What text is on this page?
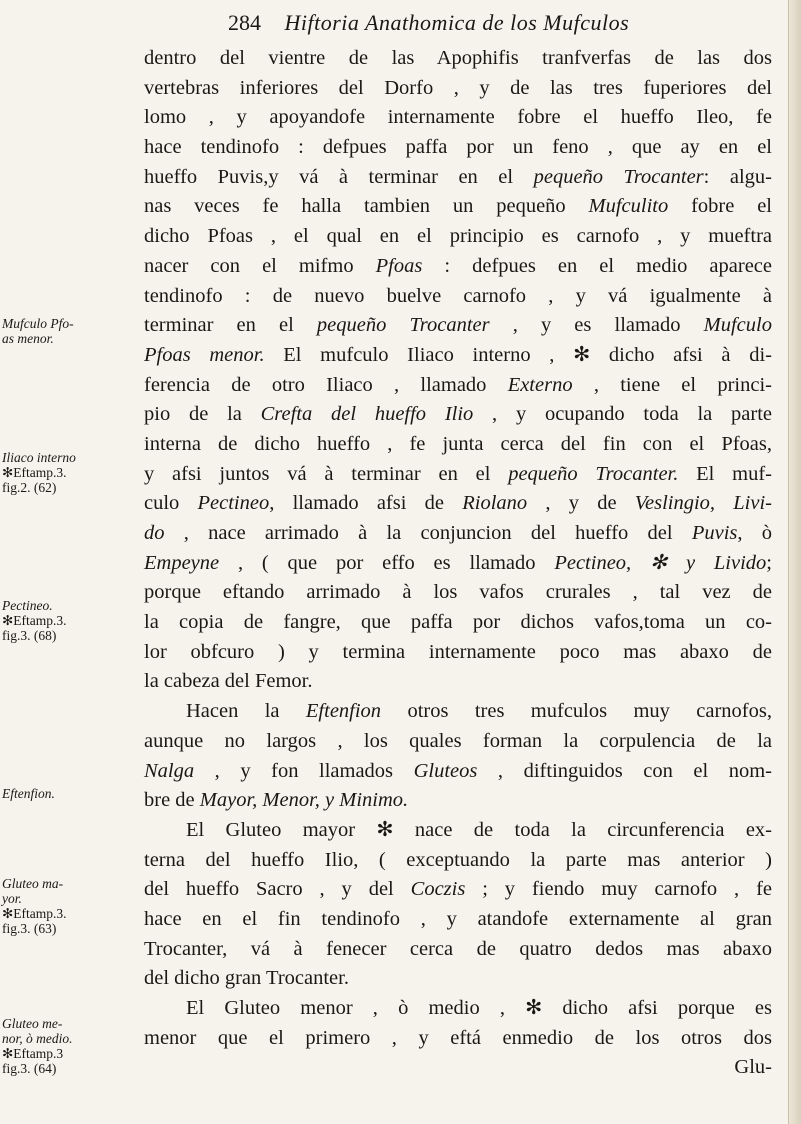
284 Hiftoria Anathomica de los Mufculos
dentro del vientre de las Apophifis tranfverfas de las dos
vertebras inferiores del Dorfo , y de las tres fuperiores del
lomo , y apoyandofe internamente fobre el hueffo Ileo, fe
hace tendinofo : defpues paffa por un feno , que ay en el
hueffo Puvis,y vá à terminar en el pequeño Trocanter: algu-
nas veces fe halla tambien un pequeño Mufculito fobre el
dicho Pfoas , el qual en el principio es carnofo , y mueftra
nacer con el mifmo Pfoas : defpues en el medio aparece
tendinofo : de nuevo buelve carnofo , y vá igualmente à
terminar en el pequeño Trocanter , y es llamado Mufculo
Pfoas menor. El mufculo Iliaco interno , ✻ dicho afsi à di-
ferencia de otro Iliaco , llamado Externo , tiene el princi-
pio de la Crefta del hueffo Ilio , y ocupando toda la parte
interna de dicho hueffo , fe junta cerca del fin con el Pfoas,
y afsi juntos vá à terminar en el pequeño Trocanter. El muf-
culo Pectineo, llamado afsi de Riolano , y de Veslingio, Livi-
do , nace arrimado à la conjuncion del hueffo del Puvis, ò
Empeyne , ( que por effo es llamado Pectineo, ✻ y Livido;
porque eftando arrimado à los vafos crurales , tal vez de
la copia de fangre, que paffa por dichos vafos,toma un co-
lor obfcuro ) y termina internamente poco mas abaxo de
la cabeza del Femor.
Hacen la Eftenfion otros tres mufculos muy carnofos,
aunque no largos , los quales forman la corpulencia de la
Nalga , y fon llamados Gluteos , diftinguidos con el nom-
bre de Mayor, Menor, y Minimo.
El Gluteo mayor ✻ nace de toda la circunferencia ex-
terna del hueffo Ilio, ( exceptuando la parte mas anterior )
del hueffo Sacro , y del Coczis ; y fiendo muy carnofo , fe
hace en el fin tendinofo , y atandofe externamente al gran
Trocanter, vá à fenecer cerca de quatro dedos mas abaxo
del dicho gran Trocanter.
El Gluteo menor , ò medio , ✻ dicho afsi porque es
menor que el primero , y eftá enmedio de los otros dos
Glu-
Mufculo Pfo-
as menor.
Iliaco interno
✻Eftamp.3.
fig.2. (62)
Pectineo.
✻Eftamp.3.
fig.3. (68)
Eftenfion.
Gluteo ma-
yor.
✻Eftamp.3.
fig.3. (63)
Gluteo me-
nor, ò medio.
✻Eftamp.3
fig.3. (64)
